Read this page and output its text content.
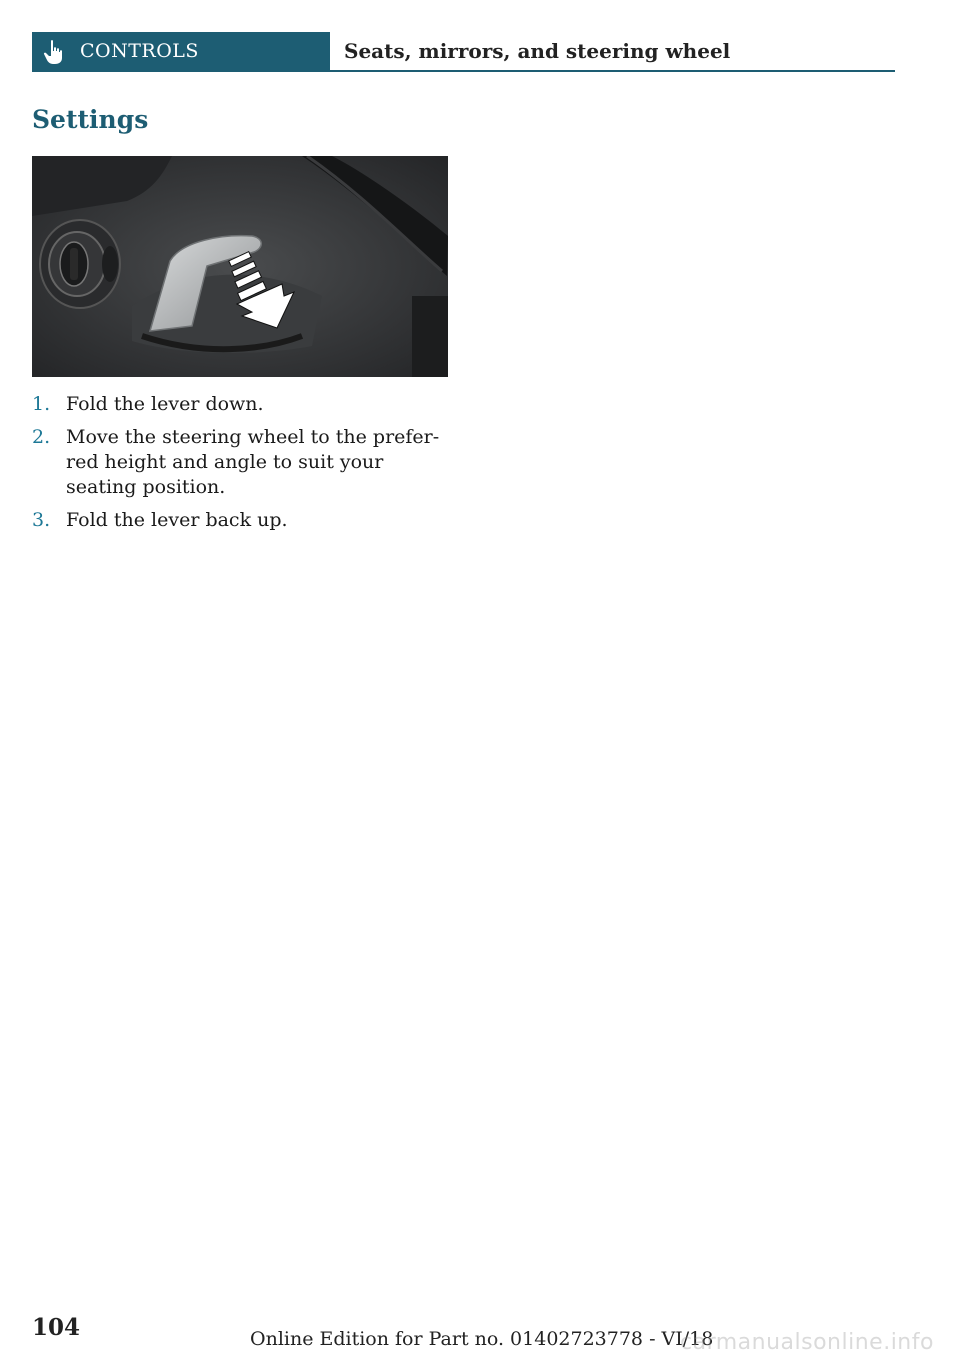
CONTROLS	Seats, mirrors, and steering wheel
Settings
1. Fold the lever down.
2. Move the steering wheel to the prefer- red height and angle to suit your seating position.
3. Fold the lever back up.
104	Online Edition for Part no. 01402723778 - VI/18
carmanualsonline.info
